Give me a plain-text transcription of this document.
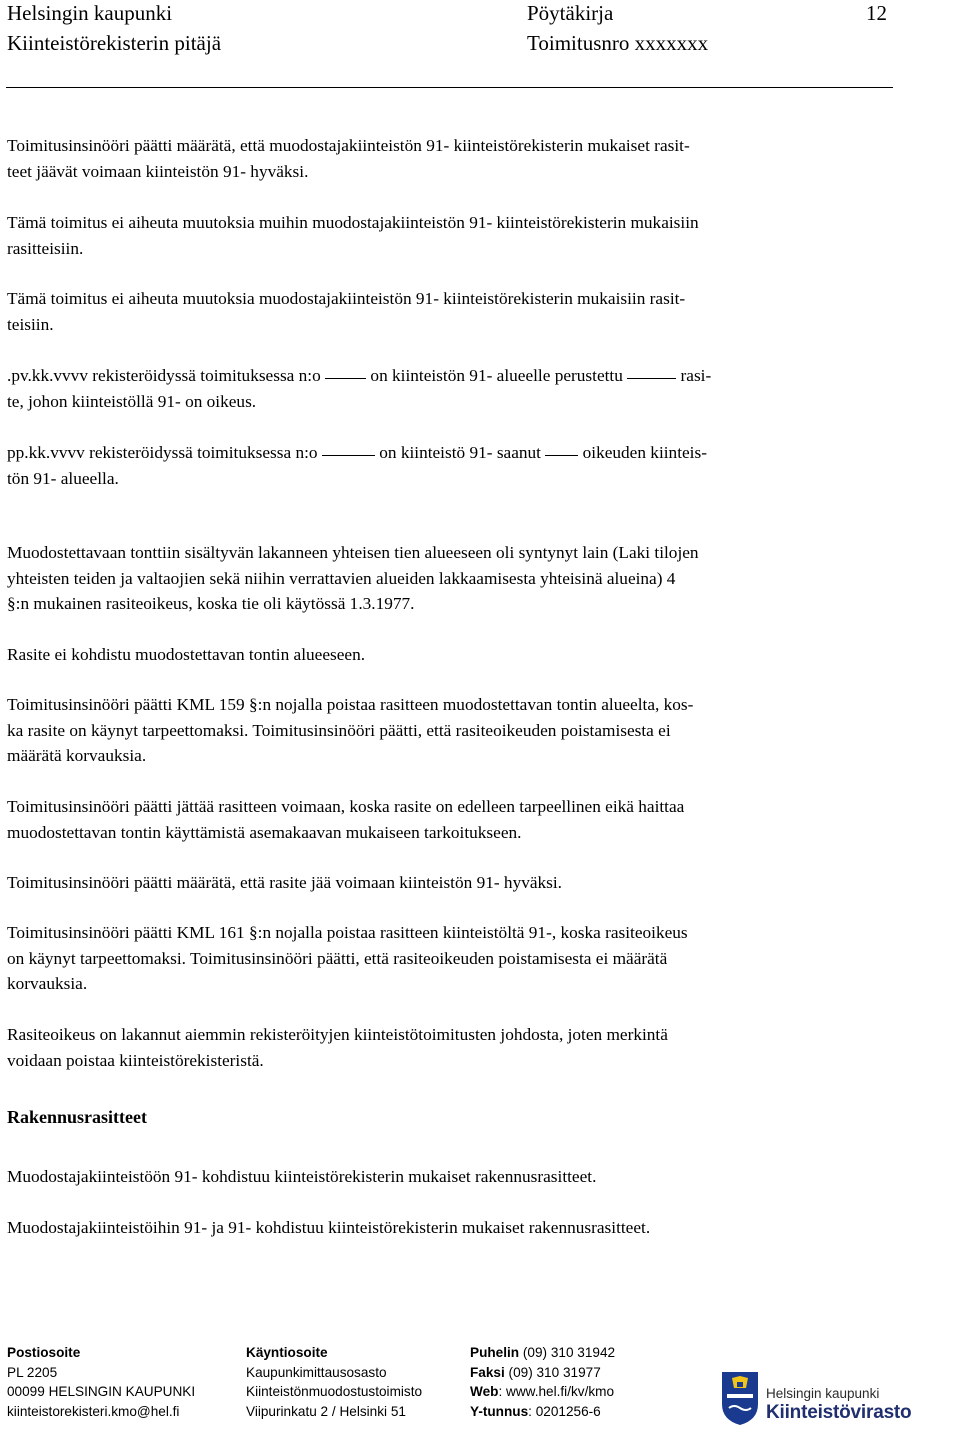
Helsingin kaupunki
Kiinteistörekisterin pitäjä
Pöytäkirja
Toimitusnro xxxxxxx
12
Toimitusinsinööri päätti määrätä, että muodostajakiinteistön 91- kiinteistörekisterin mukaiset rasit-
teet jäävät voimaan kiinteistön 91- hyväksi.
Tämä toimitus ei aiheuta muutoksia muihin muodostajakiinteistön 91- kiinteistörekisterin mukaisiin
rasitteisiin.
Tämä toimitus ei aiheuta muutoksia muodostajakiinteistön 91- kiinteistörekisterin mukaisiin rasit-
teisiin.
.pv.kk.vvvv rekisteröidyssä toimituksessa n:o	on kiinteistön 91- alueelle perustettu	rasi-
te, johon kiinteistöllä 91- on oikeus.
pp.kk.vvvv rekisteröidyssä toimituksessa n:o	on kiinteistö 91- saanut oikeuden kiinteis-
tön 91- alueella.
Muodostettavaan tonttiin sisältyvän lakanneen yhteisen tien alueeseen oli syntynyt lain (Laki tilojen
yhteisten teiden ja valtaojien sekä niihin verrattavien alueiden lakkaamisesta yhteisinä alueina) 4
§:n mukainen rasiteoikeus, koska tie oli käytössä 1.3.1977.
Rasite ei kohdistu muodostettavan tontin alueeseen.
Toimitusinsinööri päätti KML 159 §:n nojalla poistaa rasitteen muodostettavan tontin alueelta, kos-
ka rasite on käynyt tarpeettomaksi. Toimitusinsinööri päätti, että rasiteoikeuden poistamisesta ei
määrätä korvauksia.
Toimitusinsinööri päätti jättää rasitteen voimaan, koska rasite on edelleen tarpeellinen eikä haittaa
muodostettavan tontin käyttämistä asemakaavan mukaiseen tarkoitukseen.
Toimitusinsinööri päätti määrätä, että rasite jää voimaan kiinteistön 91- hyväksi.
Toimitusinsinööri päätti KML 161 §:n nojalla poistaa rasitteen kiinteistöltä 91-, koska rasiteoikeus
on käynyt tarpeettomaksi. Toimitusinsinööri päätti, että rasiteoikeuden poistamisesta ei määrätä
korvauksia.
Rasiteoikeus on lakannut aiemmin rekisteröityjen kiinteistötoimitusten johdosta, joten merkintä
voidaan poistaa kiinteistörekisteristä.
Rakennusrasitteet
Muodostajakiinteistöön 91- kohdistuu kiinteistörekisterin mukaiset rakennusrasitteet.
Muodostajakiinteistöihin 91- ja 91- kohdistuu kiinteistörekisterin mukaiset rakennusrasitteet.
Postiosoite
PL 2205
00099 HELSINGIN KAUPUNKI
kiinteistorekisteri.kmo@hel.fi
Käyntiosoite
Kaupunkimittausosasto
Kiinteistönmuodostustoimisto
Viipurinkatu 2 / Helsinki 51
Puhelin (09) 310 31942
Faksi (09) 310 31977
Web: www.hel.fi/kv/kmo
Y-tunnus: 0201256-6
Helsingin kaupunki
Kiinteistövirasto
